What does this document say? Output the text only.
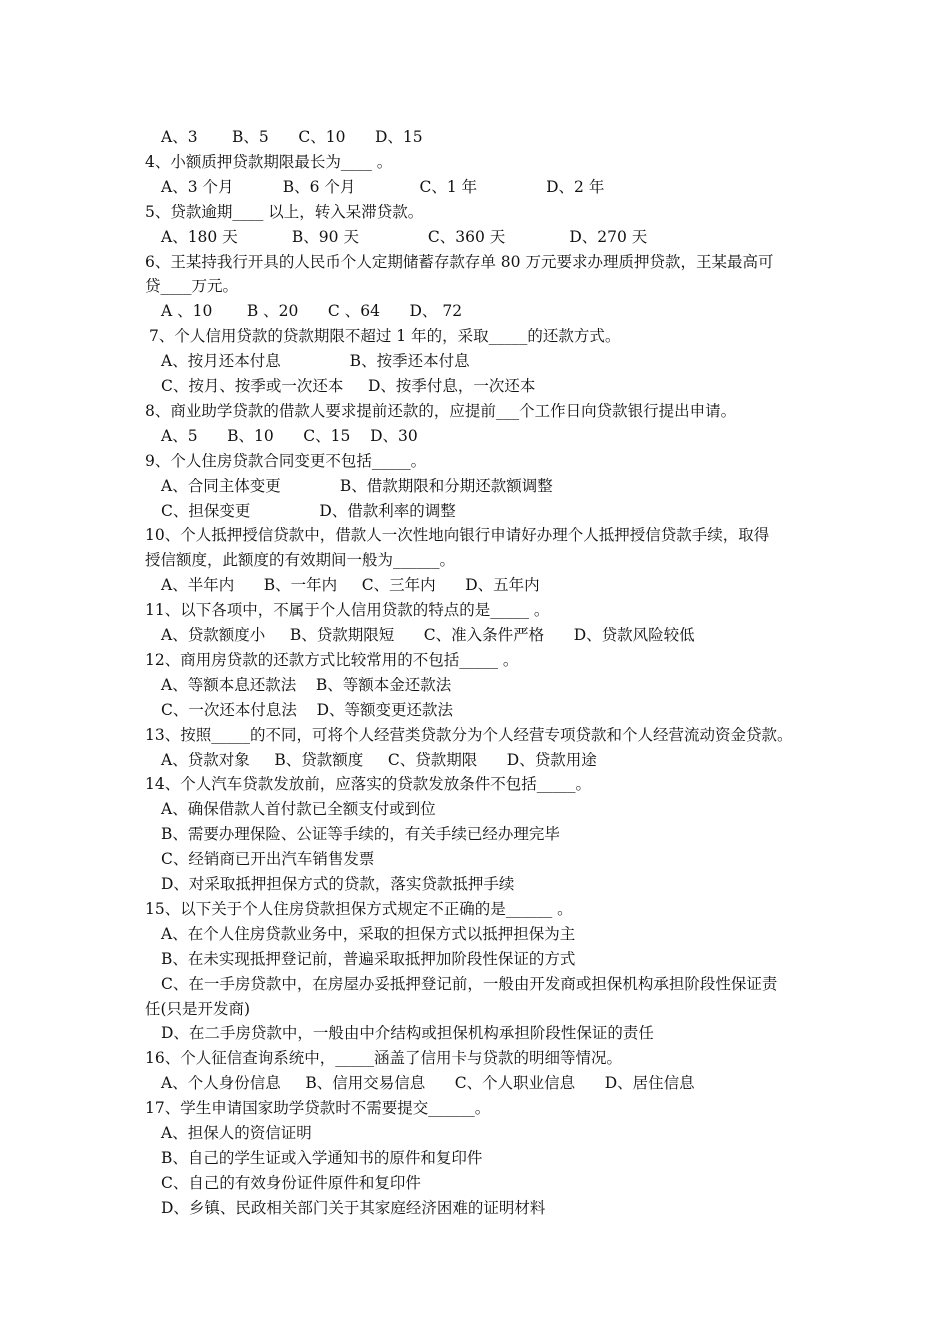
A、3       B、5      C、10      D、15
4、小额质押贷款期限最长为____ 。
A、3 个月          B、6 个月             C、1 年              D、2 年
5、贷款逾期____ 以上，转入呆滞贷款。
A、180 天           B、90 天              C、360 天             D、270 天
6、王某持我行开具的人民币个人定期储蓄存款存单 80 万元要求办理质押贷款，王某最高可
贷____万元。
A 、10       B 、20      C 、64      D、 72
7、个人信用贷款的贷款期限不超过 1 年的，采取_____的还款方式。
A、按月还本付息              B、按季还本付息
C、按月、按季或一次还本     D、按季付息，一次还本
8、商业助学贷款的借款人要求提前还款的，应提前___个工作日向贷款银行提出申请。
A、5      B、10      C、15    D、30
9、个人住房贷款合同变更不包括_____。
A、合同主体变更            B、借款期限和分期还款额调整
C、担保变更              D、借款利率的调整
10、个人抵押授信贷款中，借款人一次性地向银行申请好办理个人抵押授信贷款手续，取得
授信额度，此额度的有效期间一般为______。
A、半年内      B、一年内     C、三年内      D、五年内
11、以下各项中，不属于个人信用贷款的特点的是_____ 。
A、贷款额度小     B、贷款期限短      C、准入条件严格      D、贷款风险较低
12、商用房贷款的还款方式比较常用的不包括_____ 。
A、等额本息还款法    B、等额本金还款法
C、一次还本付息法    D、等额变更还款法
13、按照_____的不同，可将个人经营类贷款分为个人经营专项贷款和个人经营流动资金贷款。
A、贷款对象     B、贷款额度     C、贷款期限      D、贷款用途
14、个人汽车贷款发放前，应落实的贷款发放条件不包括_____。
A、确保借款人首付款已全额支付或到位
B、需要办理保险、公证等手续的，有关手续已经办理完毕
C、经销商已开出汽车销售发票
D、对采取抵押担保方式的贷款，落实贷款抵押手续
15、以下关于个人住房贷款担保方式规定不正确的是______ 。
A、在个人住房贷款业务中，采取的担保方式以抵押担保为主
B、在未实现抵押登记前，普遍采取抵押加阶段性保证的方式
C、在一手房贷款中，在房屋办妥抵押登记前，一般由开发商或担保机构承担阶段性保证责
任(只是开发商)
D、在二手房贷款中，一般由中介结构或担保机构承担阶段性保证的责任
16、个人征信查询系统中，_____涵盖了信用卡与贷款的明细等情况。
A、个人身份信息     B、信用交易信息      C、个人职业信息      D、居住信息
17、学生申请国家助学贷款时不需要提交______。
A、担保人的资信证明
B、自己的学生证或入学通知书的原件和复印件
C、自己的有效身份证件原件和复印件
D、乡镇、民政相关部门关于其家庭经济困难的证明材料
